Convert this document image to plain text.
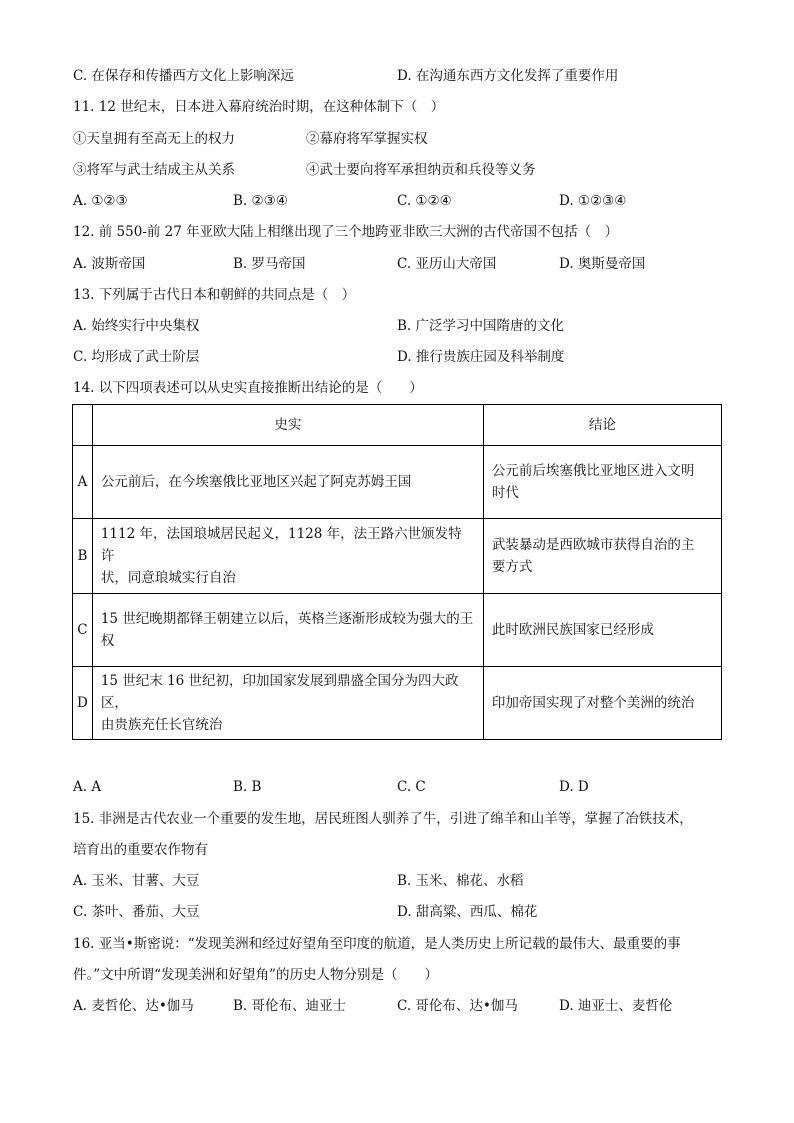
C. 在保存和传播西方文化上影响深远	D. 在沟通东西方文化发挥了重要作用
11. 12 世纪末，日本进入幕府统治时期，在这种体制下（　）
①天皇拥有至高无上的权力	②幕府将军掌握实权
③将军与武士结成主从关系	④武士要向将军承担纳贡和兵役等义务
A. ①②③	B. ②③④	C. ①②④	D. ①②③④
12. 前 550-前 27 年亚欧大陆上相继出现了三个地跨亚非欧三大洲的古代帝国不包括（　）
A. 波斯帝国	B. 罗马帝国	C. 亚历山大帝国	D. 奥斯曼帝国
13. 下列属于古代日本和朝鲜的共同点是（　）
A. 始终实行中央集权	B. 广泛学习中国隋唐的文化
C. 均形成了武士阶层	D. 推行贵族庄园及科举制度
14. 以下四项表述可以从史实直接推断出结论的是（　　）
	史实	结论
A	公元前后，在今埃塞俄比亚地区兴起了阿克苏姆王国	公元前后埃塞俄比亚地区进入文明
时代
B	1112 年，法国琅城居民起义，1128 年，法王路六世颁发特许
状，同意琅城实行自治	武装暴动是西欧城市获得自治的主
要方式
C	15 世纪晚期都铎王朝建立以后，英格兰逐渐形成较为强大的王
权	此时欧洲民族国家已经形成
D	15 世纪末 16 世纪初，印加国家发展到鼎盛全国分为四大政区，
由贵族充任长官统治	印加帝国实现了对整个美洲的统治
A. A	B. B	C. C	D. D
15. 非洲是古代农业一个重要的发生地，居民班图人驯养了牛，引进了绵羊和山羊等，掌握了冶铁技术，
培育出的重要农作物有
A. 玉米、甘薯、大豆	B. 玉米、棉花、水稻
C. 茶叶、番茄、大豆	D. 甜高粱、西瓜、棉花
16. 亚当•斯密说：“发现美洲和经过好望角至印度的航道，是人类历史上所记载的最伟大、最重要的事
件。”文中所谓“发现美洲和好望角”的历史人物分别是（　　）
A. 麦哲伦、达•伽马	B. 哥伦布、迪亚士	C. 哥伦布、达•伽马	D. 迪亚士、麦哲伦
